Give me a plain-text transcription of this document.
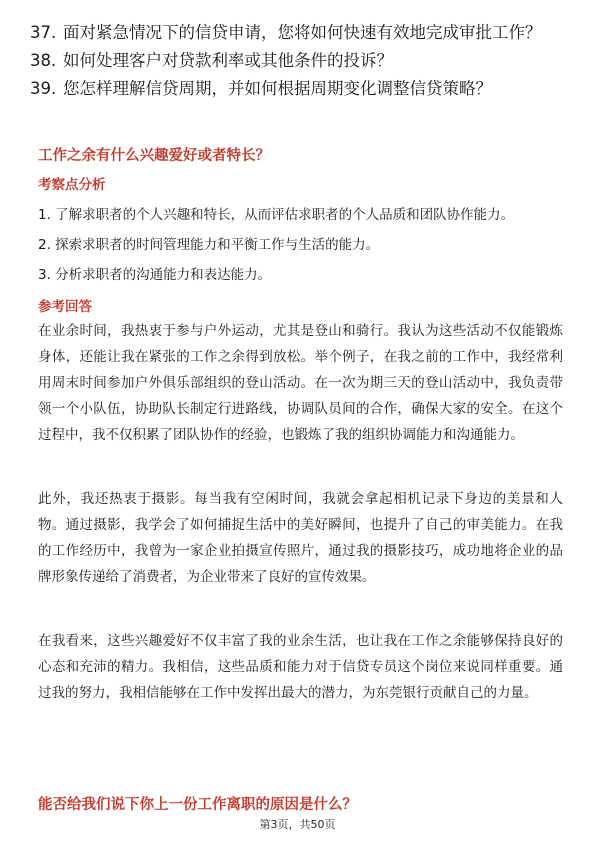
37. 面对紧急情况下的信贷申请，您将如何快速有效地完成审批工作？
38. 如何处理客户对贷款利率或其他条件的投诉？
39. 您怎样理解信贷周期，并如何根据周期变化调整信贷策略？
工作之余有什么兴趣爱好或者特长？
考察点分析
1. 了解求职者的个人兴趣和特长，从而评估求职者的个人品质和团队协作能力。
2. 探索求职者的时间管理能力和平衡工作与生活的能力。
3. 分析求职者的沟通能力和表达能力。
参考回答
在业余时间，我热衷于参与户外运动，尤其是登山和骑行。我认为这些活动不仅能锻炼身体，还能让我在紧张的工作之余得到放松。举个例子，在我之前的工作中，我经常利用周末时间参加户外俱乐部组织的登山活动。在一次为期三天的登山活动中，我负责带领一个小队伍，协助队长制定行进路线，协调队员间的合作，确保大家的安全。在这个过程中，我不仅积累了团队协作的经验，也锻炼了我的组织协调能力和沟通能力。
此外，我还热衷于摄影。每当我有空闲时间，我就会拿起相机记录下身边的美景和人物。通过摄影，我学会了如何捕捉生活中的美好瞬间，也提升了自己的审美能力。在我的工作经历中，我曾为一家企业拍摄宣传照片，通过我的摄影技巧，成功地将企业的品牌形象传递给了消费者，为企业带来了良好的宣传效果。
在我看来，这些兴趣爱好不仅丰富了我的业余生活，也让我在工作之余能够保持良好的心态和充沛的精力。我相信，这些品质和能力对于信贷专员这个岗位来说同样重要。通过我的努力，我相信能够在工作中发挥出最大的潜力，为东莞银行贡献自己的力量。
能否给我们说下你上一份工作离职的原因是什么？
第3页，共50页
